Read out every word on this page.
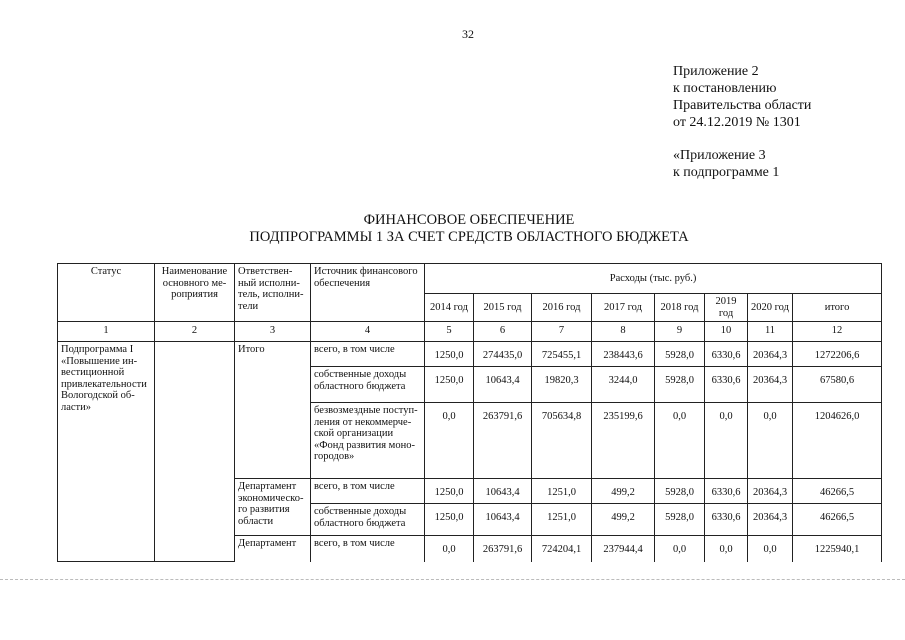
32
Приложение 2
к постановлению
Правительства области
от 24.12.2019 № 1301
«Приложение 3
к подпрограмме 1
ФИНАНСОВОЕ ОБЕСПЕЧЕНИЕ
ПОДПРОГРАММЫ 1 ЗА СЧЕТ СРЕДСТВ ОБЛАСТНОГО БЮДЖЕТА
Статус	Наименование основного ме-роприятия	Ответствен-ный исполни-тель, исполни-тели	Источник финансового обеспечения	Расходы (тыс. руб.)							
				2014 год	2015 год	2016 год	2017 год	2018 год	2019 год	2020 год	итого
1	2	3	4	5	6	7	8	9	10	11	12
Подпрограмма I «Повышение ин-вестиционной привлекательности Вологодской об-ласти»		Итого	всего, в том числе	1250,0	274435,0	725455,1	238443,6	5928,0	6330,6	20364,3	1272206,6
			собственные доходы областного бюджета	1250,0	10643,4	19820,3	3244,0	5928,0	6330,6	20364,3	67580,6
			безвозмездные поступ-ления от некоммерче-ской организации «Фонд развития моно-городов»	0,0	263791,6	705634,8	235199,6	0,0	0,0	0,0	1204626,0
		Департамент экономическо-го развития области	всего, в том числе	1250,0	10643,4	1251,0	499,2	5928,0	6330,6	20364,3	46266,5
			собственные доходы областного бюджета	1250,0	10643,4	1251,0	499,2	5928,0	6330,6	20364,3	46266,5
		Департамент	всего, в том числе	0,0	263791,6	724204,1	237944,4	0,0	0,0	0,0	1225940,1
